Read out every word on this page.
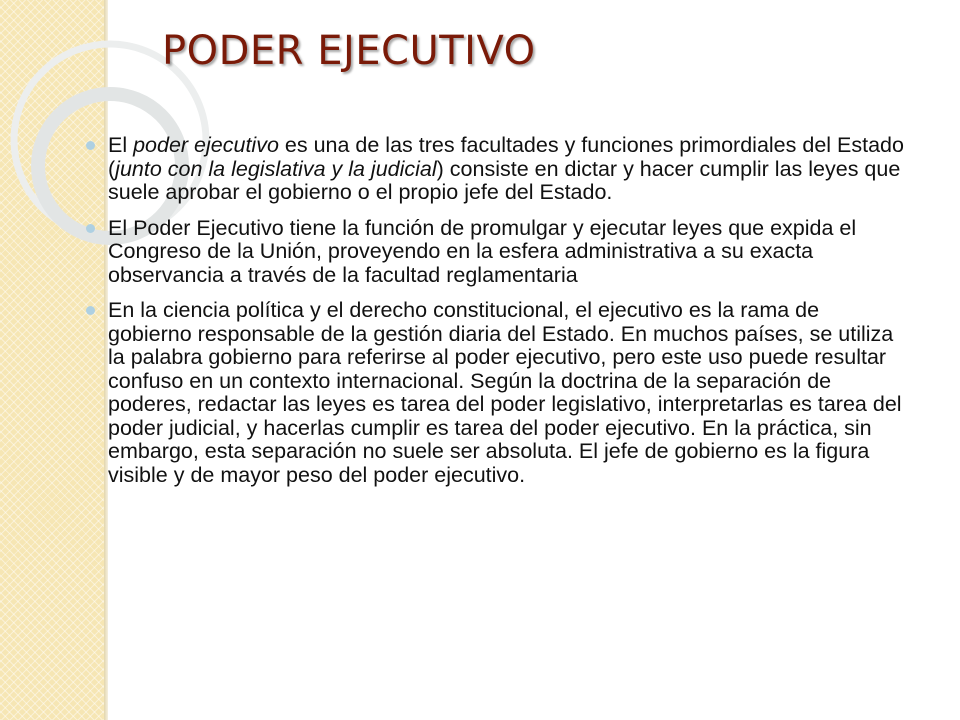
PODER EJECUTIVO
El poder ejecutivo es una de las tres facultades y funciones primordiales del Estado (junto con la legislativa y la judicial) consiste en dictar y hacer cumplir las leyes que suele aprobar el gobierno o el propio jefe del Estado.
El Poder Ejecutivo tiene la función de promulgar y ejecutar leyes que expida el Congreso de la Unión, proveyendo en la esfera administrativa a su exacta observancia a través de la facultad reglamentaria
En la ciencia política y el derecho constitucional, el ejecutivo es la rama de gobierno responsable de la gestión diaria del Estado. En muchos países, se utiliza la palabra gobierno para referirse al poder ejecutivo, pero este uso puede resultar confuso en un contexto internacional. Según la doctrina de la separación de poderes, redactar las leyes es tarea del poder legislativo, interpretarlas es tarea del poder judicial, y hacerlas cumplir es tarea del poder ejecutivo. En la práctica, sin embargo, esta separación no suele ser absoluta. El jefe de gobierno es la figura visible y de mayor peso del poder ejecutivo.
